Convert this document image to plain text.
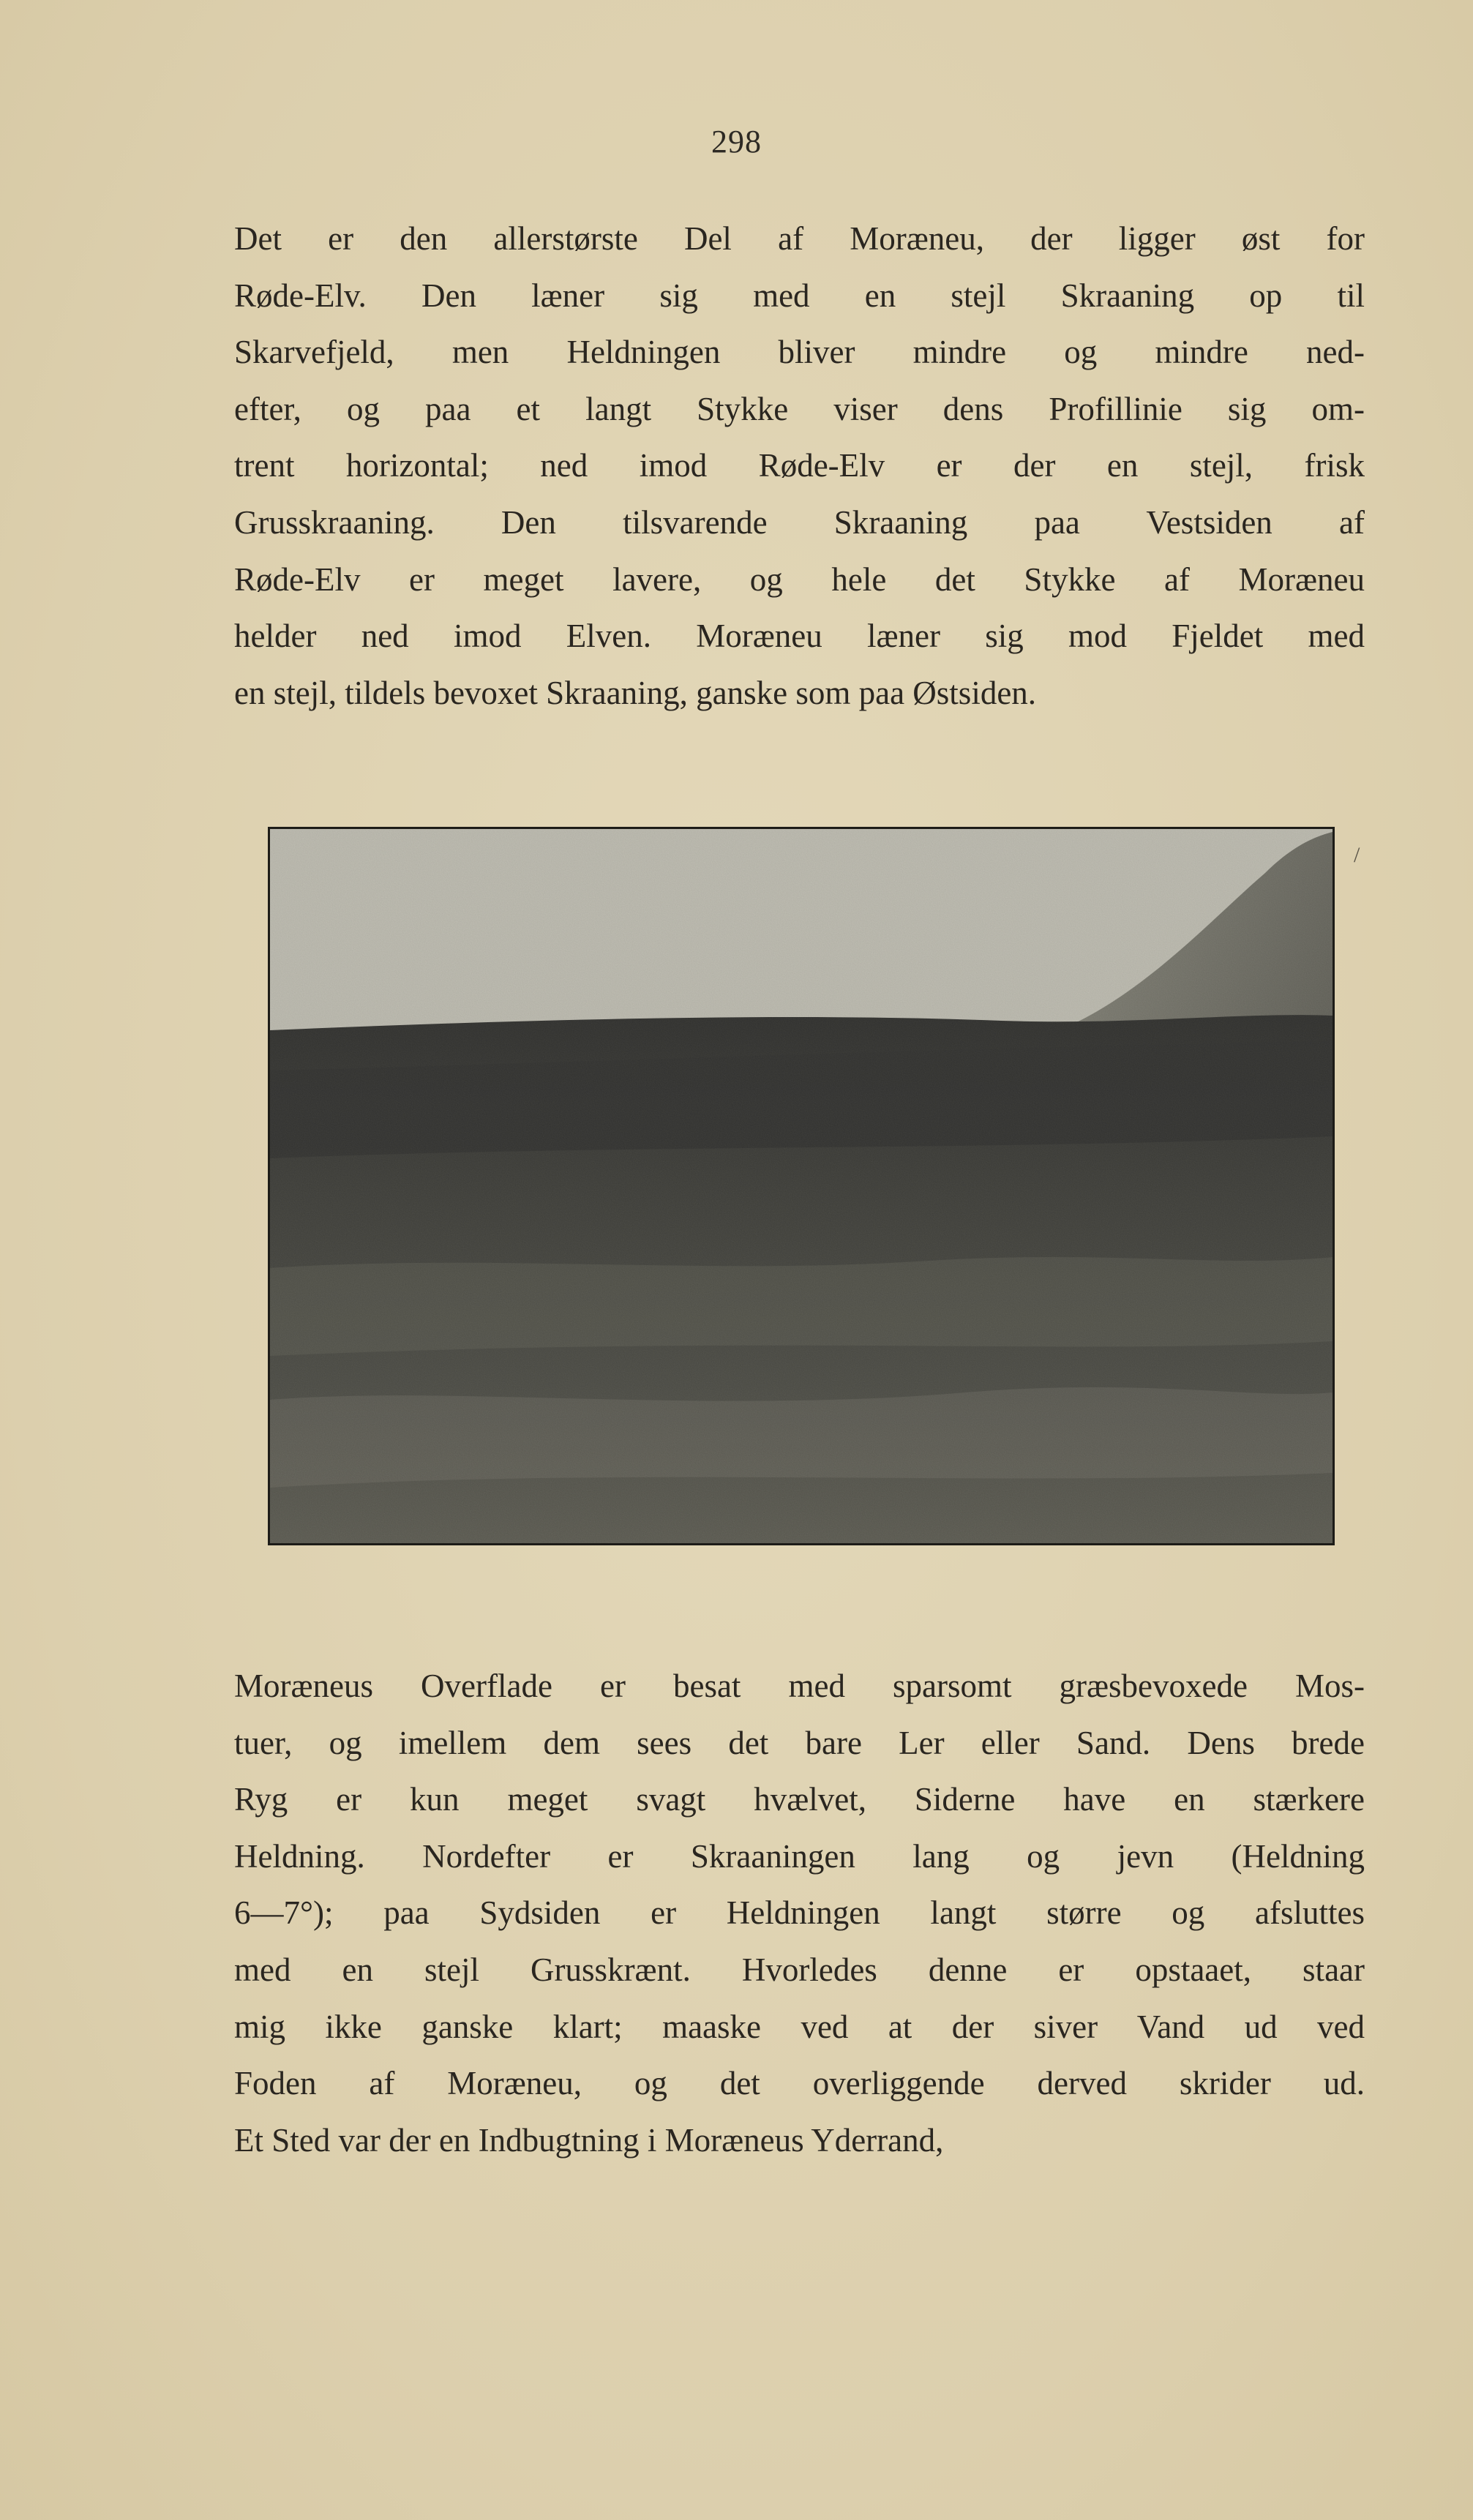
298
Det er den allerstørste Del af Moræneu, der ligger øst for
Røde-Elv. Den læner sig med en stejl Skraaning op til
Skarvefjeld, men Heldningen bliver mindre og mindre ned-
efter, og paa et langt Stykke viser dens Profillinie sig om-
trent horizontal; ned imod Røde-Elv er der en stejl, frisk
Grusskraaning. Den tilsvarende Skraaning paa Vestsiden af
Røde-Elv er meget lavere, og hele det Stykke af Moræneu
helder ned imod Elven. Moræneu læner sig mod Fjeldet med
en stejl, tildels bevoxet Skraaning, ganske som paa Østsiden.
/
Moræneus Overflade er besat med sparsomt græsbevoxede Mos-
tuer, og imellem dem sees det bare Ler eller Sand. Dens brede
Ryg er kun meget svagt hvælvet, Siderne have en stærkere
Heldning. Nordefter er Skraaningen lang og jevn (Heldning
6—7°); paa Sydsiden er Heldningen langt større og afsluttes
med en stejl Grusskrænt. Hvorledes denne er opstaaet, staar
mig ikke ganske klart; maaske ved at der siver Vand ud ved
Foden af Moræneu, og det overliggende derved skrider ud.
Et Sted var der en Indbugtning i Moræneus Yderrand,
